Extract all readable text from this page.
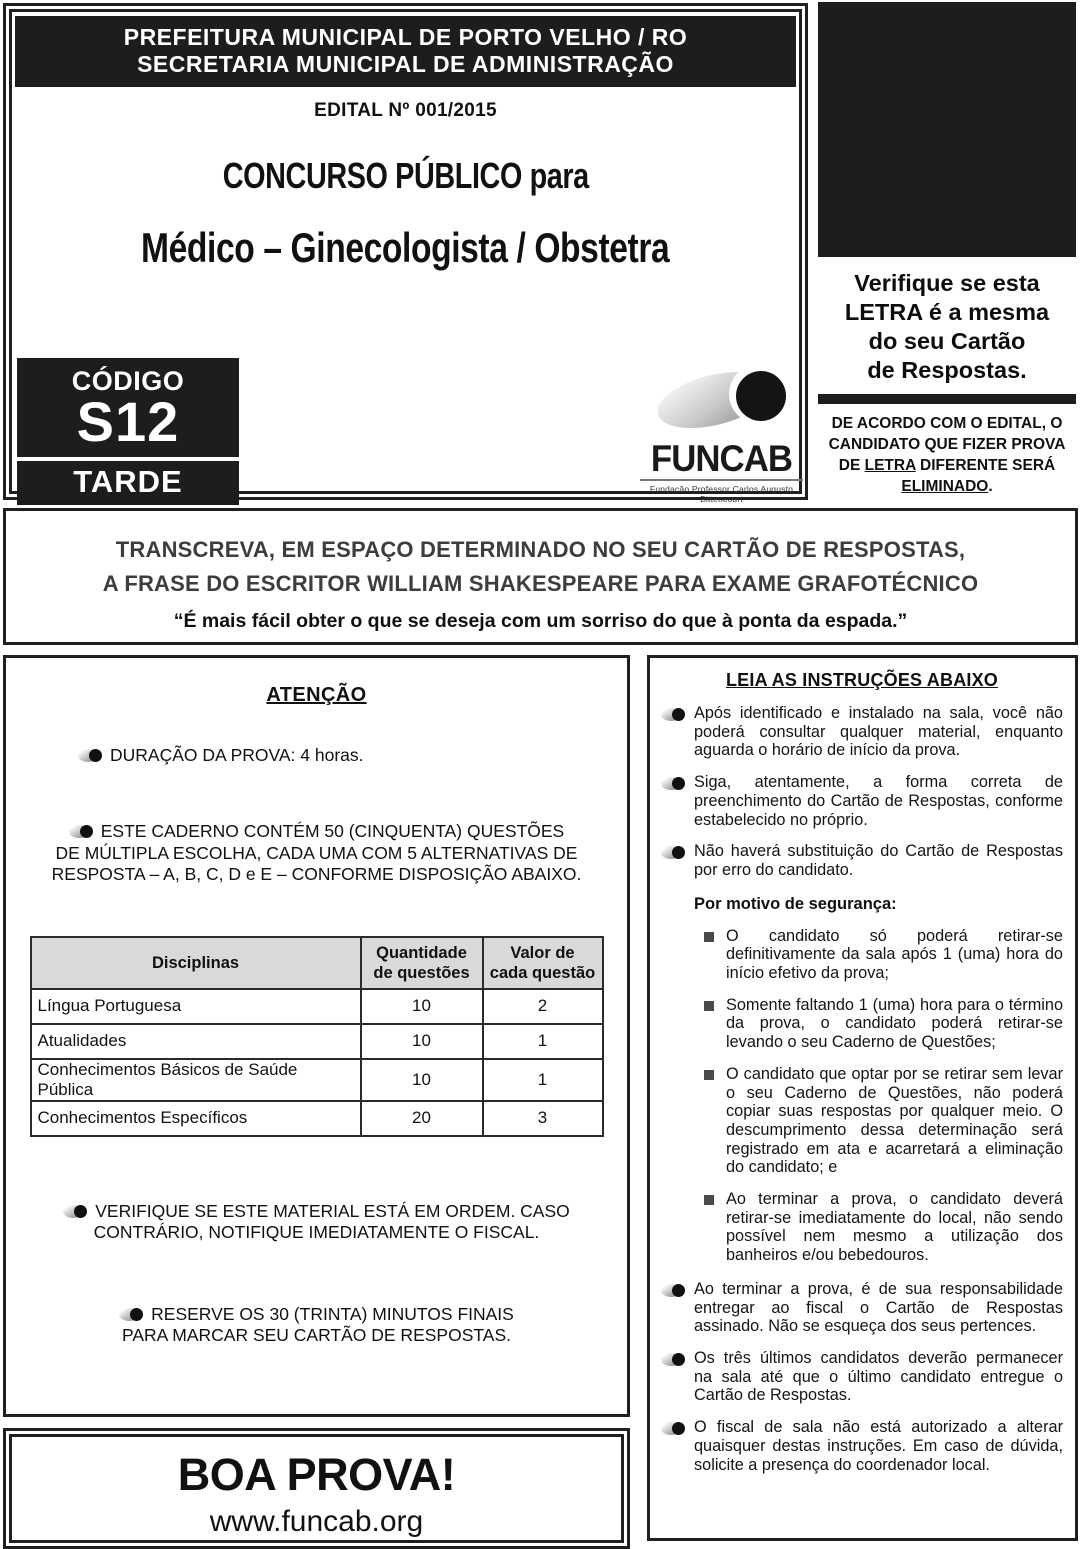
PREFEITURA MUNICIPAL DE PORTO VELHO / RO
SECRETARIA MUNICIPAL DE ADMINISTRAÇÃO
EDITAL Nº 001/2015
CONCURSO PÚBLICO para
Médico – Ginecologista / Obstetra
CÓDIGO
S12
TARDE
FUNCAB
Fundação Professor Carlos Augusto Bittencourt
Verifique se esta
LETRA é a mesma
do seu Cartão
de Respostas.
DE ACORDO COM O EDITAL, O CANDIDATO QUE FIZER PROVA DE LETRA DIFERENTE SERÁ ELIMINADO.
TRANSCREVA, EM ESPAÇO DETERMINADO NO SEU CARTÃO DE RESPOSTAS,
A FRASE DO ESCRITOR WILLIAM SHAKESPEARE PARA EXAME GRAFOTÉCNICO
“É mais fácil obter o que se deseja com um sorriso do que à ponta da espada.”
ATENÇÃO
DURAÇÃO DA PROVA: 4 horas.
ESTE CADERNO CONTÉM 50 (CINQUENTA) QUESTÕES
DE MÚLTIPLA ESCOLHA, CADA UMA COM 5 ALTERNATIVAS DE
RESPOSTA – A, B, C, D e E – CONFORME DISPOSIÇÃO ABAIXO.
Disciplinas	Quantidade de questões	Valor de cada questão
Língua Portuguesa	10	2
Atualidades	10	1
Conhecimentos Básicos de Saúde Pública	10	1
Conhecimentos Específicos	20	3
VERIFIQUE SE ESTE MATERIAL ESTÁ EM ORDEM. CASO
CONTRÁRIO, NOTIFIQUE IMEDIATAMENTE O FISCAL.
RESERVE OS 30 (TRINTA) MINUTOS FINAIS
PARA MARCAR SEU CARTÃO DE RESPOSTAS.
LEIA AS INSTRUÇÕES ABAIXO
Após identificado e instalado na sala, você não poderá consultar qualquer material, enquanto aguarda o horário de início da prova.
Siga, atentamente, a forma correta de preenchimento do Cartão de Respostas, conforme estabelecido no próprio.
Não haverá substituição do Cartão de Respostas por erro do candidato.
Por motivo de segurança:
O candidato só poderá retirar-se definitivamente da sala após 1 (uma) hora do início efetivo da prova;
Somente faltando 1 (uma) hora para o término da prova, o candidato poderá retirar-se levando o seu Caderno de Questões;
O candidato que optar por se retirar sem levar o seu Caderno de Questões, não poderá copiar suas respostas por qualquer meio. O descumprimento dessa determinação será registrado em ata e acarretará a eliminação do candidato; e
Ao terminar a prova, o candidato deverá retirar-se imediatamente do local, não sendo possível nem mesmo a utilização dos banheiros e/ou bebedouros.
Ao terminar a prova, é de sua responsabilidade entregar ao fiscal o Cartão de Respostas assinado. Não se esqueça dos seus pertences.
Os três últimos candidatos deverão permanecer na sala até que o último candidato entregue o Cartão de Respostas.
O fiscal de sala não está autorizado a alterar quaisquer destas instruções. Em caso de dúvida, solicite a presença do coordenador local.
BOA PROVA!
www.funcab.org
